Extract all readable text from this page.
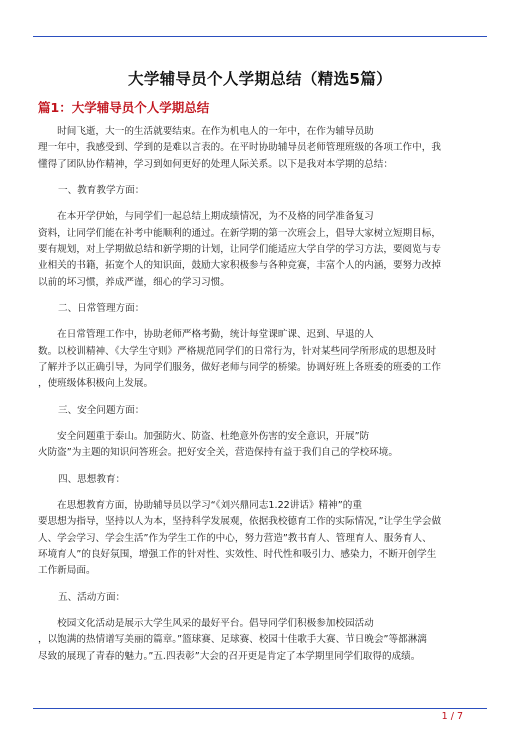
大学辅导员个人学期总结（精选5篇）
篇1：大学辅导员个人学期总结
　　时间飞逝，大一的生活就要结束。在作为机电人的一年中，在作为辅导员助
理一年中，我感受到、学到的是难以言表的。在平时协助辅导员老师管理班级的各项工作中，我
懂得了团队协作精神，学习到如何更好的处理人际关系。以下是我对本学期的总结：
一、教育教学方面：
　　在本开学伊始，与同学们一起总结上期成绩情况，为不及格的同学准备复习
资料，让同学们能在补考中能顺利的通过。在新学期的第一次班会上，倡导大家树立短期目标，
要有规划，对上学期做总结和新学期的计划，让同学们能适应大学自学的学习方法，要阅览与专
业相关的书籍，拓宽个人的知识面，鼓励大家积极参与各种竞赛，丰富个人的内涵，要努力改掉
以前的坏习惯，养成严谨，细心的学习习惯。
二、日常管理方面：
　　在日常管理工作中，协助老师严格考勤，统计每堂课旷课、迟到、早退的人
数。以校训精神、《大学生守则》严格规范同学们的日常行为，针对某些同学所形成的思想及时
了解并予以正确引导，为同学们服务，做好老师与同学的桥梁。协调好班上各班委的班委的工作
，使班级体积极向上发展。
三、安全问题方面：
　　安全问题重于泰山。加强防火、防盗、杜绝意外伤害的安全意识，开展”防
火防盗”为主题的知识问答班会。把好安全关，营造保持有益于我们自己的学校环境。
四、思想教育：
　　在思想教育方面，协助辅导员以学习“《刘兴鼎同志1.22讲话》精神”的重
要思想为指导，坚持以人为本，坚持科学发展观，依据我校德育工作的实际情况，”让学生学会做
人、学会学习、学会生活”作为学生工作的中心，努力营造”教书育人、管理育人、服务育人、
环境育人”的良好氛围，增强工作的针对性、实效性、时代性和吸引力、感染力，不断开创学生
工作新局面。
五、活动方面：
　　校园文化活动是展示大学生风采的最好平台。倡导同学们积极参加校园活动
，以饱满的热情谱写美丽的篇章。”篮球赛、足球赛、校园十佳歌手大赛、节日晚会”等都淋漓
尽致的展现了青春的魅力。”五.四表彰”大会的召开更是肯定了本学期里同学们取得的成绩。
1 / 7
